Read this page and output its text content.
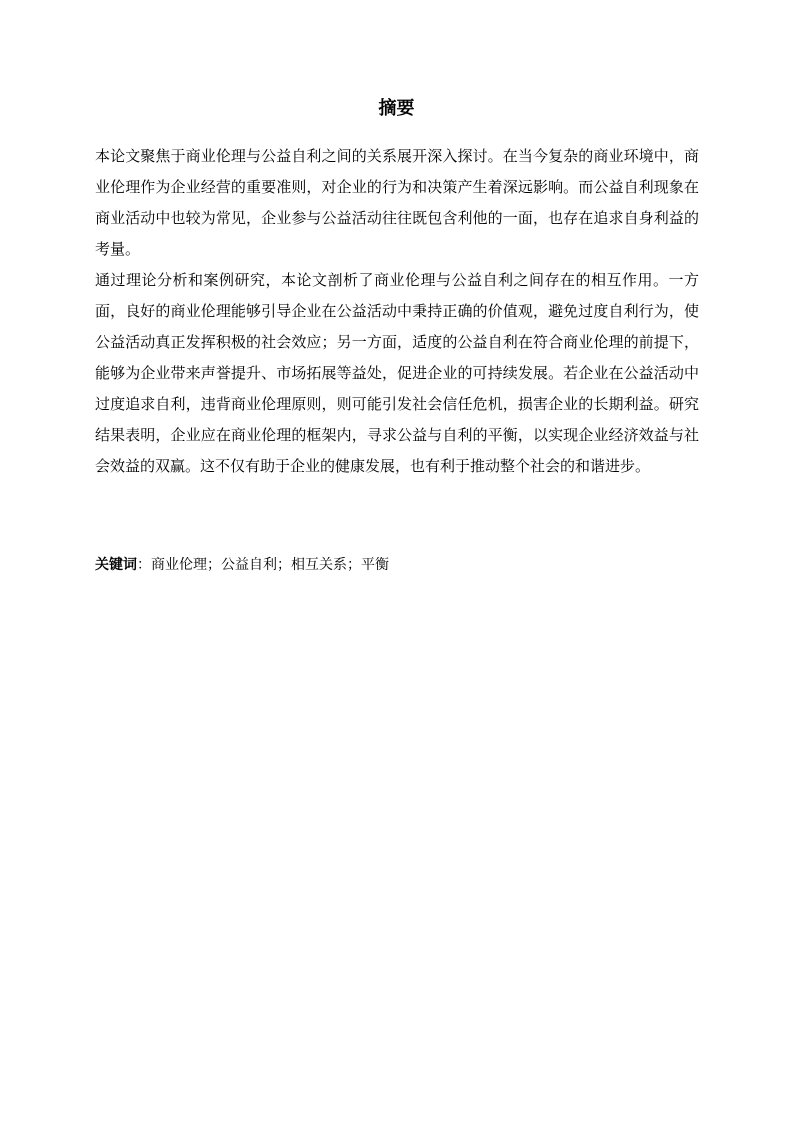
摘要

本论文聚焦于商业伦理与公益自利之间的关系展开深入探讨。在当今复杂的商业环境中，商业伦理作为企业经营的重要准则，对企业的行为和决策产生着深远影响。而公益自利现象在商业活动中也较为常见，企业参与公益活动往往既包含利他的一面，也存在追求自身利益的考量。

通过理论分析和案例研究，本论文剖析了商业伦理与公益自利之间存在的相互作用。一方面，良好的商业伦理能够引导企业在公益活动中秉持正确的价值观，避免过度自利行为，使公益活动真正发挥积极的社会效应；另一方面，适度的公益自利在符合商业伦理的前提下，能够为企业带来声誉提升、市场拓展等益处，促进企业的可持续发展。若企业在公益活动中过度追求自利，违背商业伦理原则，则可能引发社会信任危机，损害企业的长期利益。研究结果表明，企业应在商业伦理的框架内，寻求公益与自利的平衡，以实现企业经济效益与社会效益的双赢。这不仅有助于企业的健康发展，也有利于推动整个社会的和谐进步。

关键词：商业伦理；公益自利；相互关系；平衡
